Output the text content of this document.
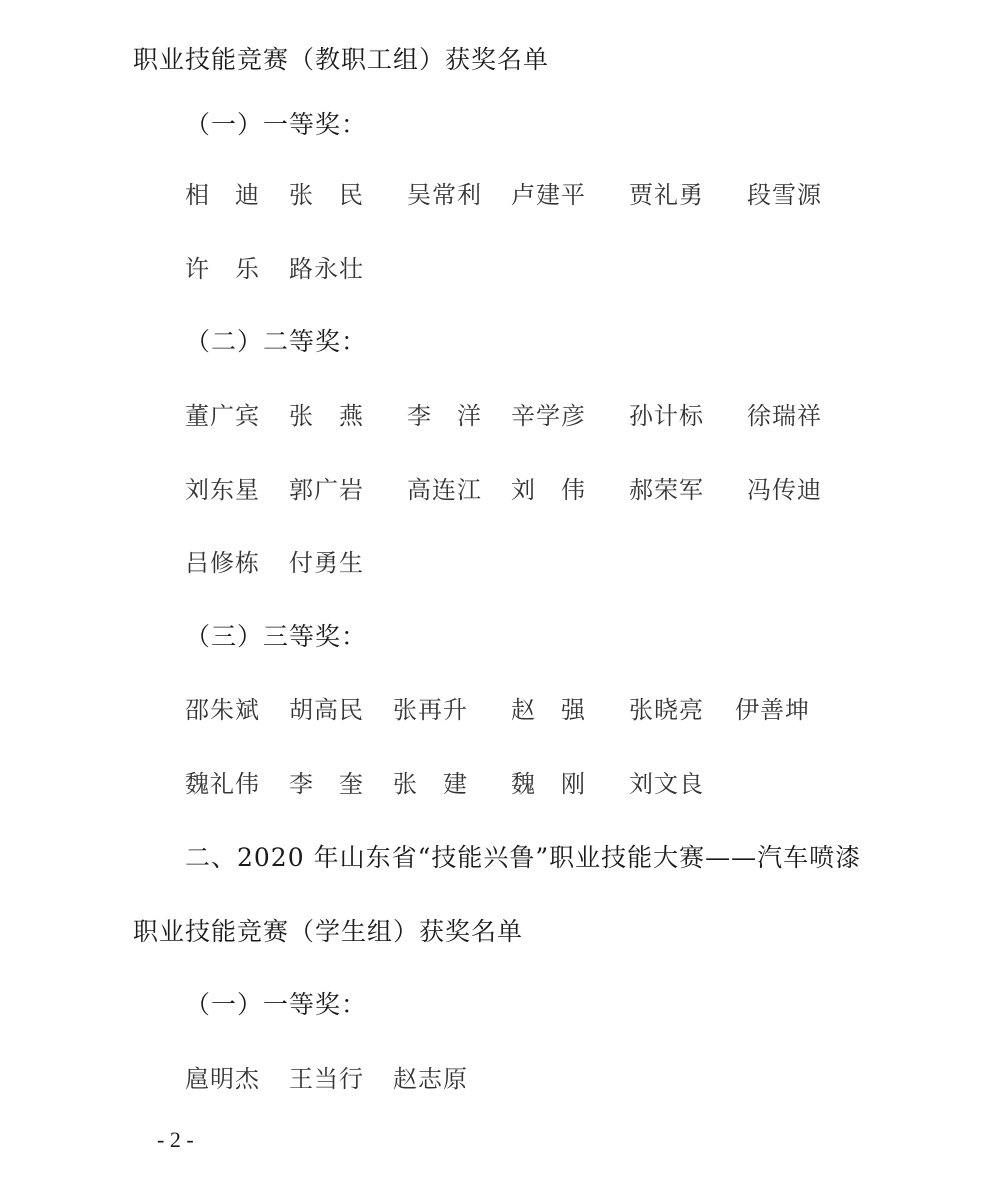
职业技能竞赛（教职工组）获奖名单
（一）一等奖：
相　迪 张　民 吴常利 卢建平 贾礼勇 段雪源
许　乐 路永壮
（二）二等奖：
董广宾 张　燕 李　洋 辛学彦 孙计标 徐瑞祥
刘东星 郭广岩 高连江 刘　伟 郝荣军 冯传迪
吕修栋 付勇生
（三）三等奖：
邵朱斌 胡高民 张再升 赵　强 张晓亮 伊善坤
魏礼伟 李　奎 张　建 魏　刚 刘文良
二、2020 年山东省“技能兴鲁”职业技能大赛——汽车喷漆
职业技能竞赛（学生组）获奖名单
（一）一等奖：
扈明杰 王当行 赵志原
- 2 -
